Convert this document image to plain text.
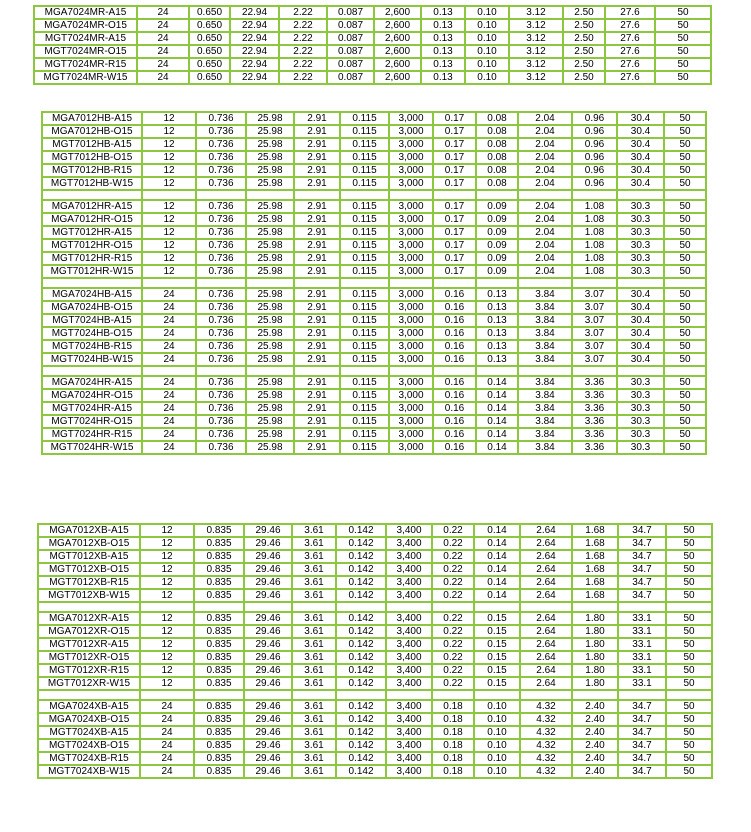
MGA7024MR-A15	24	0.650	22.94	2.22	0.087	2,600	0.13	0.10	3.12	2.50	27.6	50
MGA7024MR-O15	24	0.650	22.94	2.22	0.087	2,600	0.13	0.10	3.12	2.50	27.6	50
MGT7024MR-A15	24	0.650	22.94	2.22	0.087	2,600	0.13	0.10	3.12	2.50	27.6	50
MGT7024MR-O15	24	0.650	22.94	2.22	0.087	2,600	0.13	0.10	3.12	2.50	27.6	50
MGT7024MR-R15	24	0.650	22.94	2.22	0.087	2,600	0.13	0.10	3.12	2.50	27.6	50
MGT7024MR-W15	24	0.650	22.94	2.22	0.087	2,600	0.13	0.10	3.12	2.50	27.6	50
MGA7012HB-A15	12	0.736	25.98	2.91	0.115	3,000	0.17	0.08	2.04	0.96	30.4	50
MGA7012HB-O15	12	0.736	25.98	2.91	0.115	3,000	0.17	0.08	2.04	0.96	30.4	50
MGT7012HB-A15	12	0.736	25.98	2.91	0.115	3,000	0.17	0.08	2.04	0.96	30.4	50
MGT7012HB-O15	12	0.736	25.98	2.91	0.115	3,000	0.17	0.08	2.04	0.96	30.4	50
MGT7012HB-R15	12	0.736	25.98	2.91	0.115	3,000	0.17	0.08	2.04	0.96	30.4	50
MGT7012HB-W15	12	0.736	25.98	2.91	0.115	3,000	0.17	0.08	2.04	0.96	30.4	50

MGA7012HR-A15	12	0.736	25.98	2.91	0.115	3,000	0.17	0.09	2.04	1.08	30.3	50
MGA7012HR-O15	12	0.736	25.98	2.91	0.115	3,000	0.17	0.09	2.04	1.08	30.3	50
MGT7012HR-A15	12	0.736	25.98	2.91	0.115	3,000	0.17	0.09	2.04	1.08	30.3	50
MGT7012HR-O15	12	0.736	25.98	2.91	0.115	3,000	0.17	0.09	2.04	1.08	30.3	50
MGT7012HR-R15	12	0.736	25.98	2.91	0.115	3,000	0.17	0.09	2.04	1.08	30.3	50
MGT7012HR-W15	12	0.736	25.98	2.91	0.115	3,000	0.17	0.09	2.04	1.08	30.3	50

MGA7024HB-A15	24	0.736	25.98	2.91	0.115	3,000	0.16	0.13	3.84	3.07	30.4	50
MGA7024HB-O15	24	0.736	25.98	2.91	0.115	3,000	0.16	0.13	3.84	3.07	30.4	50
MGT7024HB-A15	24	0.736	25.98	2.91	0.115	3,000	0.16	0.13	3.84	3.07	30.4	50
MGT7024HB-O15	24	0.736	25.98	2.91	0.115	3,000	0.16	0.13	3.84	3.07	30.4	50
MGT7024HB-R15	24	0.736	25.98	2.91	0.115	3,000	0.16	0.13	3.84	3.07	30.4	50
MGT7024HB-W15	24	0.736	25.98	2.91	0.115	3,000	0.16	0.13	3.84	3.07	30.4	50

MGA7024HR-A15	24	0.736	25.98	2.91	0.115	3,000	0.16	0.14	3.84	3.36	30.3	50
MGA7024HR-O15	24	0.736	25.98	2.91	0.115	3,000	0.16	0.14	3.84	3.36	30.3	50
MGT7024HR-A15	24	0.736	25.98	2.91	0.115	3,000	0.16	0.14	3.84	3.36	30.3	50
MGT7024HR-O15	24	0.736	25.98	2.91	0.115	3,000	0.16	0.14	3.84	3.36	30.3	50
MGT7024HR-R15	24	0.736	25.98	2.91	0.115	3,000	0.16	0.14	3.84	3.36	30.3	50
MGT7024HR-W15	24	0.736	25.98	2.91	0.115	3,000	0.16	0.14	3.84	3.36	30.3	50
MGA7012XB-A15	12	0.835	29.46	3.61	0.142	3,400	0.22	0.14	2.64	1.68	34.7	50
MGA7012XB-O15	12	0.835	29.46	3.61	0.142	3,400	0.22	0.14	2.64	1.68	34.7	50
MGT7012XB-A15	12	0.835	29.46	3.61	0.142	3,400	0.22	0.14	2.64	1.68	34.7	50
MGT7012XB-O15	12	0.835	29.46	3.61	0.142	3,400	0.22	0.14	2.64	1.68	34.7	50
MGT7012XB-R15	12	0.835	29.46	3.61	0.142	3,400	0.22	0.14	2.64	1.68	34.7	50
MGT7012XB-W15	12	0.835	29.46	3.61	0.142	3,400	0.22	0.14	2.64	1.68	34.7	50

MGA7012XR-A15	12	0.835	29.46	3.61	0.142	3,400	0.22	0.15	2.64	1.80	33.1	50
MGA7012XR-O15	12	0.835	29.46	3.61	0.142	3,400	0.22	0.15	2.64	1.80	33.1	50
MGT7012XR-A15	12	0.835	29.46	3.61	0.142	3,400	0.22	0.15	2.64	1.80	33.1	50
MGT7012XR-O15	12	0.835	29.46	3.61	0.142	3,400	0.22	0.15	2.64	1.80	33.1	50
MGT7012XR-R15	12	0.835	29.46	3.61	0.142	3,400	0.22	0.15	2.64	1.80	33.1	50
MGT7012XR-W15	12	0.835	29.46	3.61	0.142	3,400	0.22	0.15	2.64	1.80	33.1	50

MGA7024XB-A15	24	0.835	29.46	3.61	0.142	3,400	0.18	0.10	4.32	2.40	34.7	50
MGA7024XB-O15	24	0.835	29.46	3.61	0.142	3,400	0.18	0.10	4.32	2.40	34.7	50
MGT7024XB-A15	24	0.835	29.46	3.61	0.142	3,400	0.18	0.10	4.32	2.40	34.7	50
MGT7024XB-O15	24	0.835	29.46	3.61	0.142	3,400	0.18	0.10	4.32	2.40	34.7	50
MGT7024XB-R15	24	0.835	29.46	3.61	0.142	3,400	0.18	0.10	4.32	2.40	34.7	50
MGT7024XB-W15	24	0.835	29.46	3.61	0.142	3,400	0.18	0.10	4.32	2.40	34.7	50
